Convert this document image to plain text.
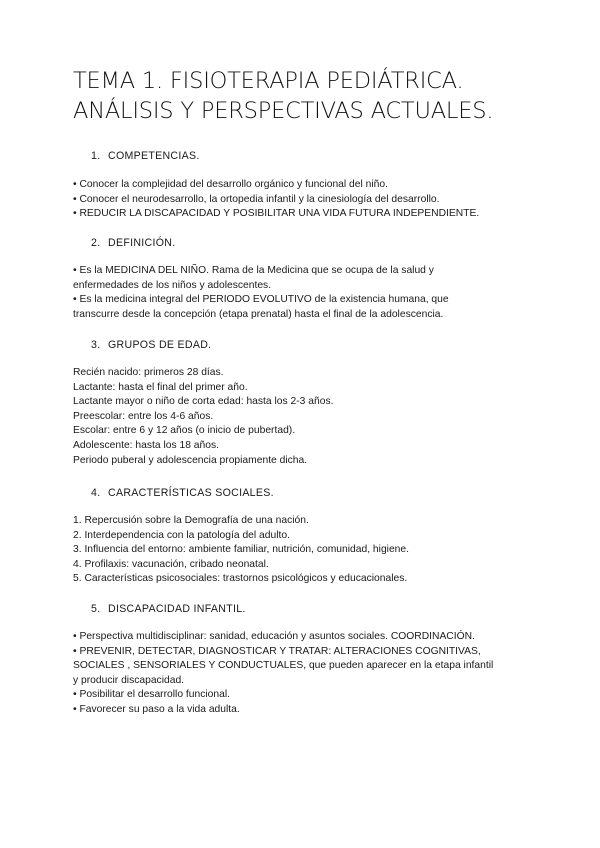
TEMA 1. FISIOTERAPIA PEDIÁTRICA.
ANÁLISIS Y PERSPECTIVAS ACTUALES.
1. COMPETENCIAS.
• Conocer la complejidad del desarrollo orgánico y funcional del niño.
• Conocer el neurodesarrollo, la ortopedia infantil y la cinesiología del desarrollo.
• REDUCIR LA DISCAPACIDAD Y POSIBILITAR UNA VIDA FUTURA INDEPENDIENTE.
2. DEFINICIÓN.
• Es la MEDICINA DEL NIÑO. Rama de la Medicina que se ocupa de la salud y
enfermedades de los niños y adolescentes.
• Es la medicina integral del PERIODO EVOLUTIVO de la existencia humana, que
transcurre desde la concepción (etapa prenatal) hasta el final de la adolescencia.
3. GRUPOS DE EDAD.
Recién nacido: primeros 28 días.
Lactante: hasta el final del primer año.
Lactante mayor o niño de corta edad: hasta los 2-3 años.
Preescolar: entre los 4-6 años.
Escolar: entre 6 y 12 años (o inicio de pubertad).
Adolescente: hasta los 18 años.
Periodo puberal y adolescencia propiamente dicha.
4. CARACTERÍSTICAS SOCIALES.
1. Repercusión sobre la Demografía de una nación.
2. Interdependencia con la patología del adulto.
3. Influencia del entorno: ambiente familiar, nutrición, comunidad, higiene.
4. Profilaxis: vacunación, cribado neonatal.
5. Características psicosociales: trastornos psicológicos y educacionales.
5. DISCAPACIDAD INFANTIL.
• Perspectiva multidisciplinar: sanidad, educación y asuntos sociales. COORDINACIÓN.
• PREVENIR, DETECTAR, DIAGNOSTICAR Y TRATAR: ALTERACIONES COGNITIVAS,
SOCIALES , SENSORIALES Y CONDUCTUALES, que pueden aparecer en la etapa infantil
y producir discapacidad.
• Posibilitar el desarrollo funcional.
• Favorecer su paso a la vida adulta.
